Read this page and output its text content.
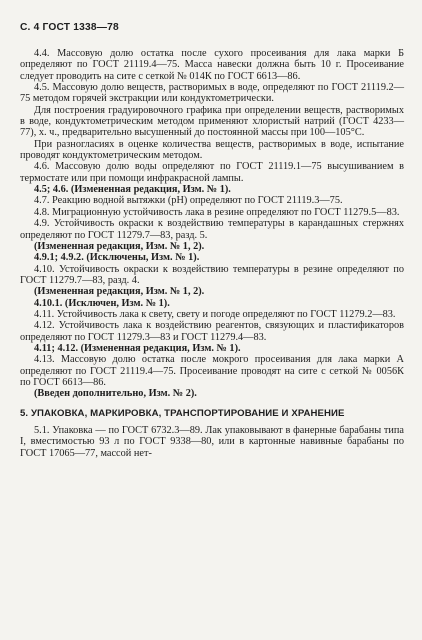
С. 4 ГОСТ 1338—78

4.4. Массовую долю остатка после сухого просеивания для лака марки Б определяют по ГОСТ 21119.4—75. Масса навески должна быть 10 г. Просеивание следует проводить на сите с сеткой № 014К по ГОСТ 6613—86.

4.5. Массовую долю веществ, растворимых в воде, определяют по ГОСТ 21119.2—75 методом горячей экстракции или кондуктометрически.

Для построения градуировочного графика при определении веществ, растворимых в воде, кондуктометрическим методом применяют хлористый натрий (ГОСТ 4233—77), х. ч., предварительно высушенный до постоянной массы при 100—105°С.

При разногласиях в оценке количества веществ, растворимых в воде, испытание проводят кондуктометрическим методом.

4.6. Массовую долю воды определяют по ГОСТ 21119.1—75 высушиванием в термостате или при помощи инфракрасной лампы.

4.5; 4.6. (Измененная редакция, Изм. № 1).

4.7. Реакцию водной вытяжки (рН) определяют по ГОСТ 21119.3—75.

4.8. Миграционную устойчивость лака в резине определяют по ГОСТ 11279.5—83.

4.9. Устойчивость окраски к воздействию температуры в карандашных стержнях определяют по ГОСТ 11279.7—83, разд. 5.

(Измененная редакция, Изм. № 1, 2).

4.9.1; 4.9.2. (Исключены, Изм. № 1).

4.10. Устойчивость окраски к воздействию температуры в резине определяют по ГОСТ 11279.7—83, разд. 4.

(Измененная редакция, Изм. № 1, 2).

4.10.1. (Исключен, Изм. № 1).

4.11. Устойчивость лака к свету, свету и погоде определяют по ГОСТ 11279.2—83.

4.12. Устойчивость лака к воздействию реагентов, связующих и пластификаторов определяют по ГОСТ 11279.3—83 и ГОСТ 11279.4—83.

4.11; 4.12. (Измененная редакция, Изм. № 1).

4.13. Массовую долю остатка после мокрого просеивания для лака марки А определяют по ГОСТ 21119.4—75. Просеивание проводят на сите с сеткой № 0056К по ГОСТ 6613—86.

(Введен дополнительно, Изм. № 2).

5. УПАКОВКА, МАРКИРОВКА, ТРАНСПОРТИРОВАНИЕ И ХРАНЕНИЕ

5.1. Упаковка — по ГОСТ 6732.3—89. Лак упаковывают в фанерные барабаны типа I, вместимостью 93 л по ГОСТ 9338—80, или в картонные навивные барабаны по ГОСТ 17065—77, массой нет-
